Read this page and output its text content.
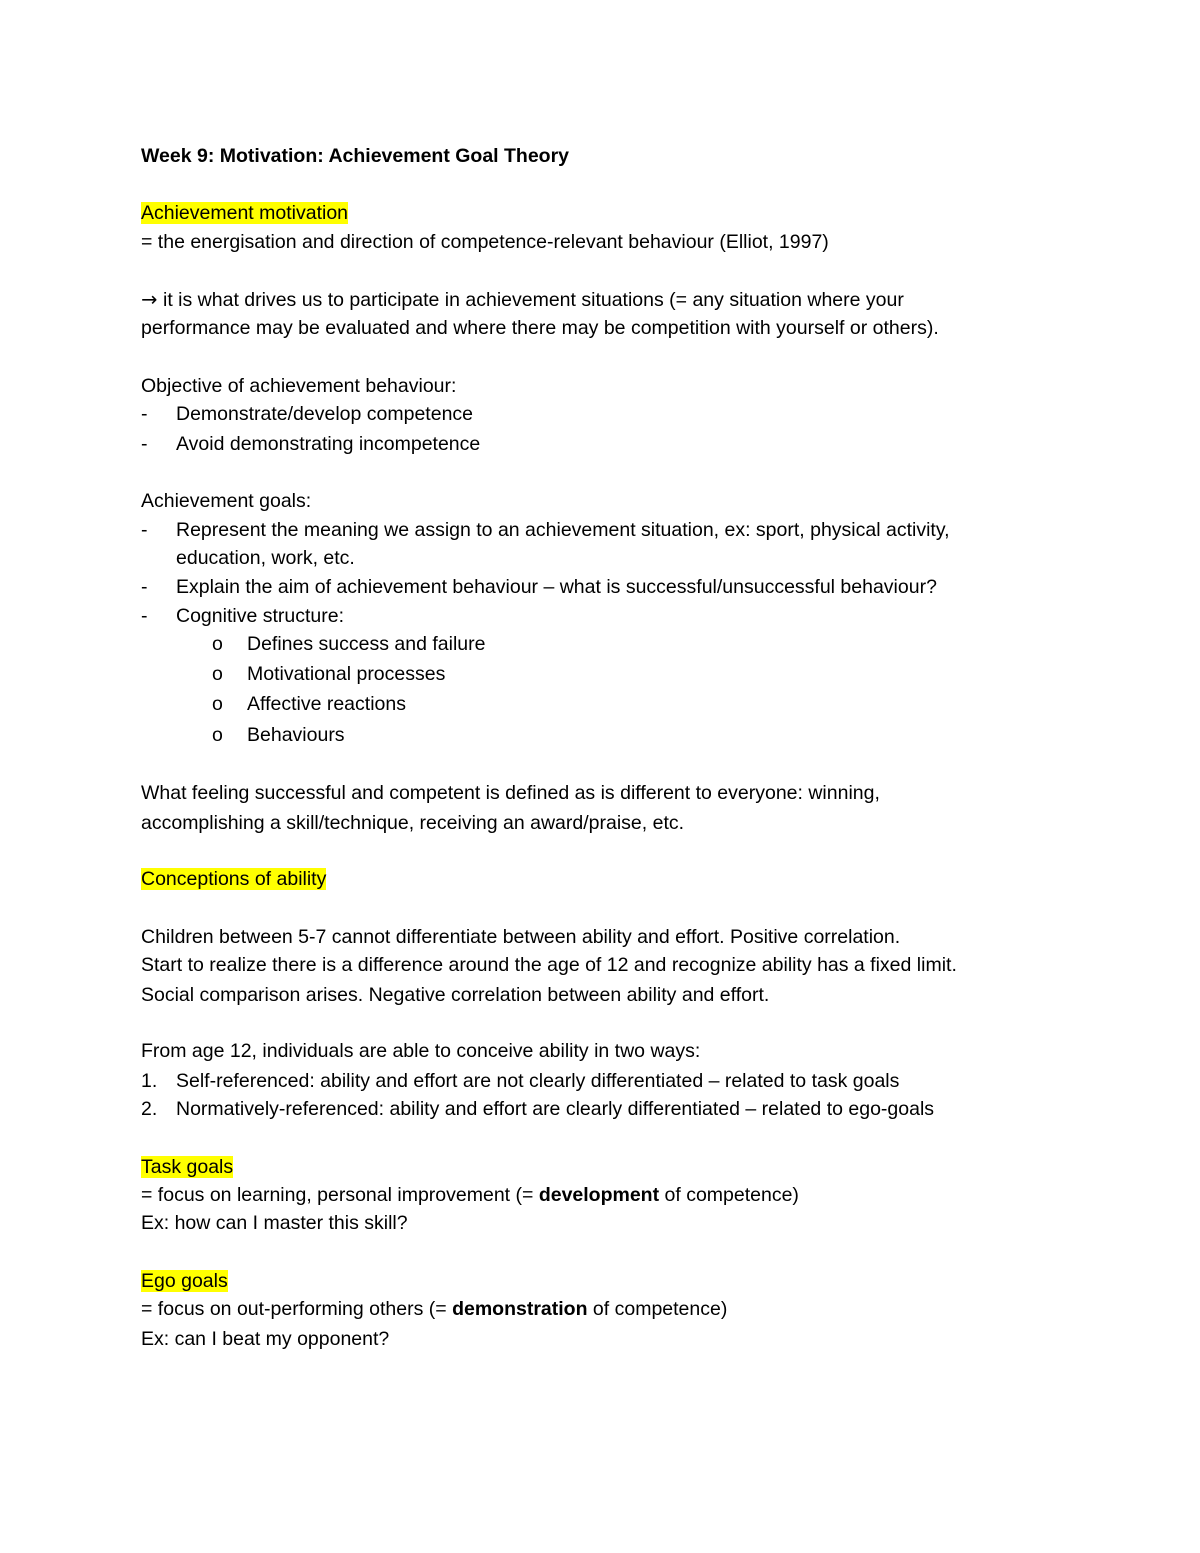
Week 9: Motivation: Achievement Goal Theory
Achievement motivation
= the energisation and direction of competence-relevant behaviour (Elliot, 1997)
→ it is what drives us to participate in achievement situations (= any situation where your
performance may be evaluated and where there may be competition with yourself or others).
Objective of achievement behaviour:
-	Demonstrate/develop competence
-	Avoid demonstrating incompetence
Achievement goals:
-	Represent the meaning we assign to an achievement situation, ex: sport, physical activity,
education, work, etc.
-	Explain the aim of achievement behaviour – what is successful/unsuccessful behaviour?
-	Cognitive structure:
o	Defines success and failure
o	Motivational processes
o	Affective reactions
o	Behaviours
What feeling successful and competent is defined as is different to everyone: winning,
accomplishing a skill/technique, receiving an award/praise, etc.
Conceptions of ability
Children between 5-7 cannot differentiate between ability and effort. Positive correlation.
Start to realize there is a difference around the age of 12 and recognize ability has a fixed limit.
Social comparison arises. Negative correlation between ability and effort.
From age 12, individuals are able to conceive ability in two ways:
1. Self-referenced: ability and effort are not clearly differentiated – related to task goals
2. Normatively-referenced: ability and effort are clearly differentiated – related to ego-goals
Task goals
= focus on learning, personal improvement (= development of competence)
Ex: how can I master this skill?
Ego goals
= focus on out-performing others (= demonstration of competence)
Ex: can I beat my opponent?
